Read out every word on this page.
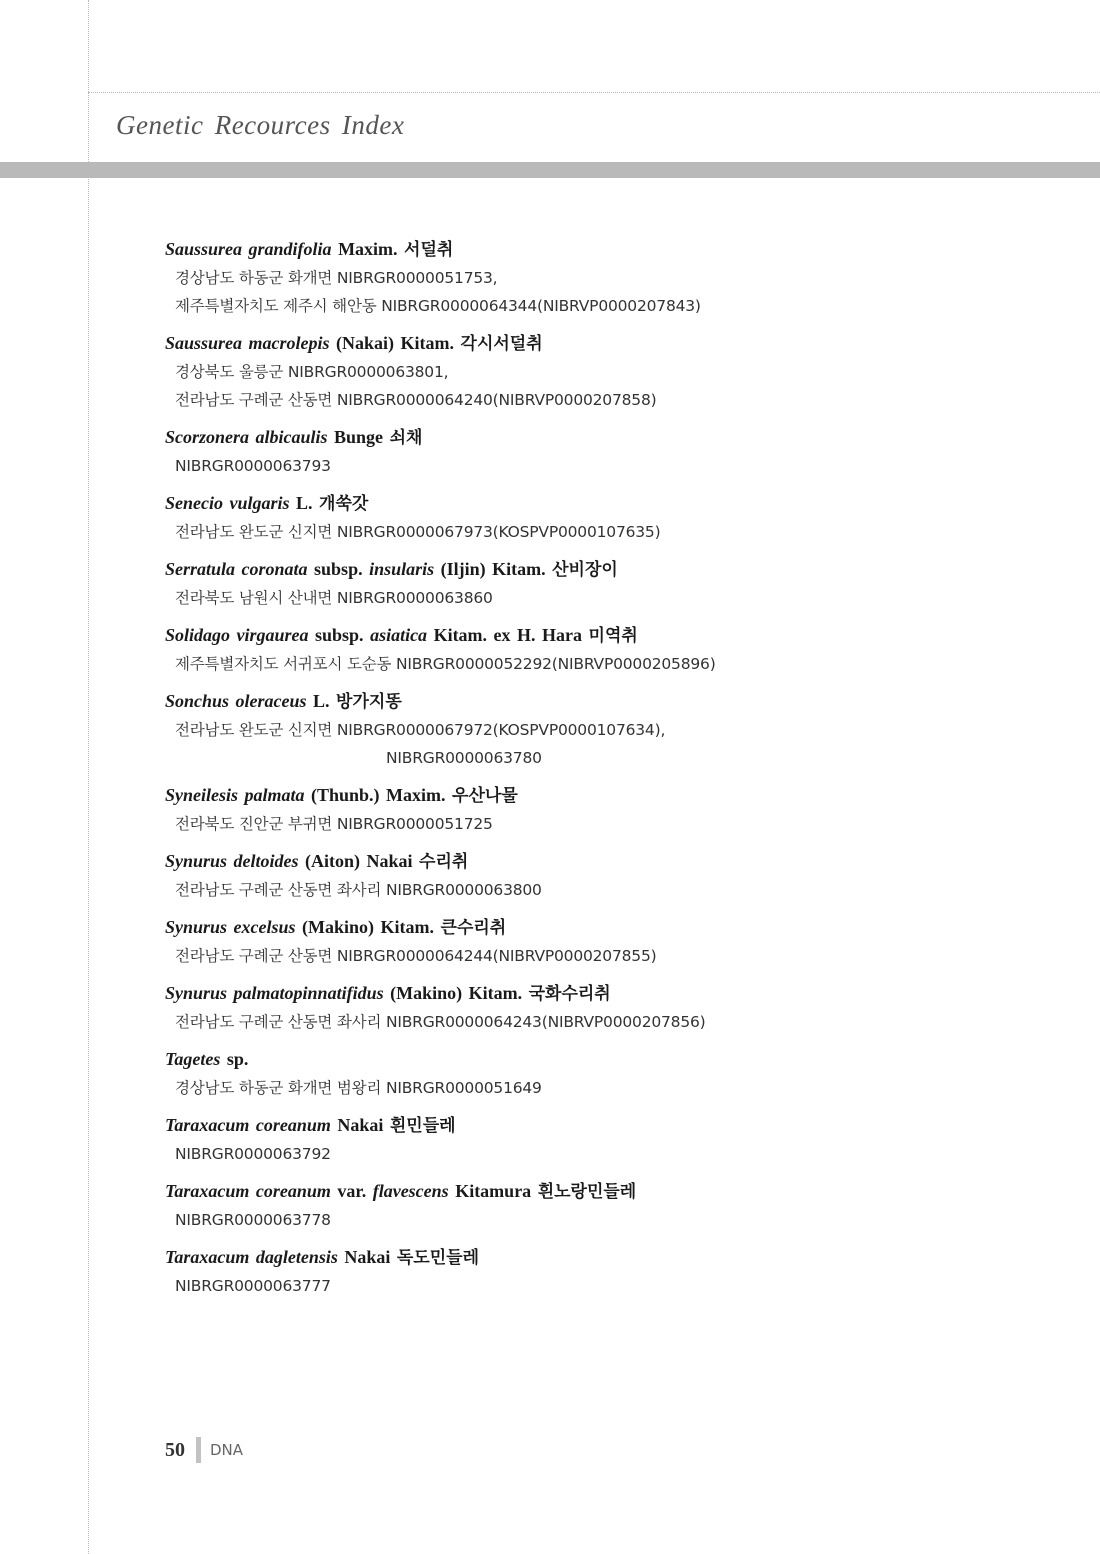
Genetic Recources Index
Saussurea grandifolia Maxim. 서덜취
경상남도 하동군 화개면 NIBRGR0000051753,
제주특별자치도 제주시 해안동 NIBRGR0000064344(NIBRVP0000207843)
Saussurea macrolepis (Nakai) Kitam. 각시서덜취
경상북도 울릉군 NIBRGR0000063801,
전라남도 구례군 산동면 NIBRGR0000064240(NIBRVP0000207858)
Scorzonera albicaulis Bunge 쇠채
NIBRGR0000063793
Senecio vulgaris L. 개쑥갓
전라남도 완도군 신지면 NIBRGR0000067973(KOSPVP0000107635)
Serratula coronata subsp. insularis (Iljin) Kitam. 산비장이
전라북도 남원시 산내면 NIBRGR0000063860
Solidago virgaurea subsp. asiatica Kitam. ex H. Hara 미역취
제주특별자치도 서귀포시 도순동 NIBRGR0000052292(NIBRVP0000205896)
Sonchus oleraceus L. 방가지똥
전라남도 완도군 신지면 NIBRGR0000067972(KOSPVP0000107634),
NIBRGR0000063780
Syneilesis palmata (Thunb.) Maxim. 우산나물
전라북도 진안군 부귀면 NIBRGR0000051725
Synurus deltoides (Aiton) Nakai 수리취
전라남도 구례군 산동면 좌사리 NIBRGR0000063800
Synurus excelsus (Makino) Kitam. 큰수리취
전라남도 구례군 산동면 NIBRGR0000064244(NIBRVP0000207855)
Synurus palmatopinnatifidus (Makino) Kitam. 국화수리취
전라남도 구례군 산동면 좌사리 NIBRGR0000064243(NIBRVP0000207856)
Tagetes sp.
경상남도 하동군 화개면 범왕리 NIBRGR0000051649
Taraxacum coreanum Nakai 흰민들레
NIBRGR0000063792
Taraxacum coreanum var. flavescens Kitamura 흰노랑민들레
NIBRGR0000063778
Taraxacum dagletensis Nakai 독도민들레
NIBRGR0000063777
50 DNA
